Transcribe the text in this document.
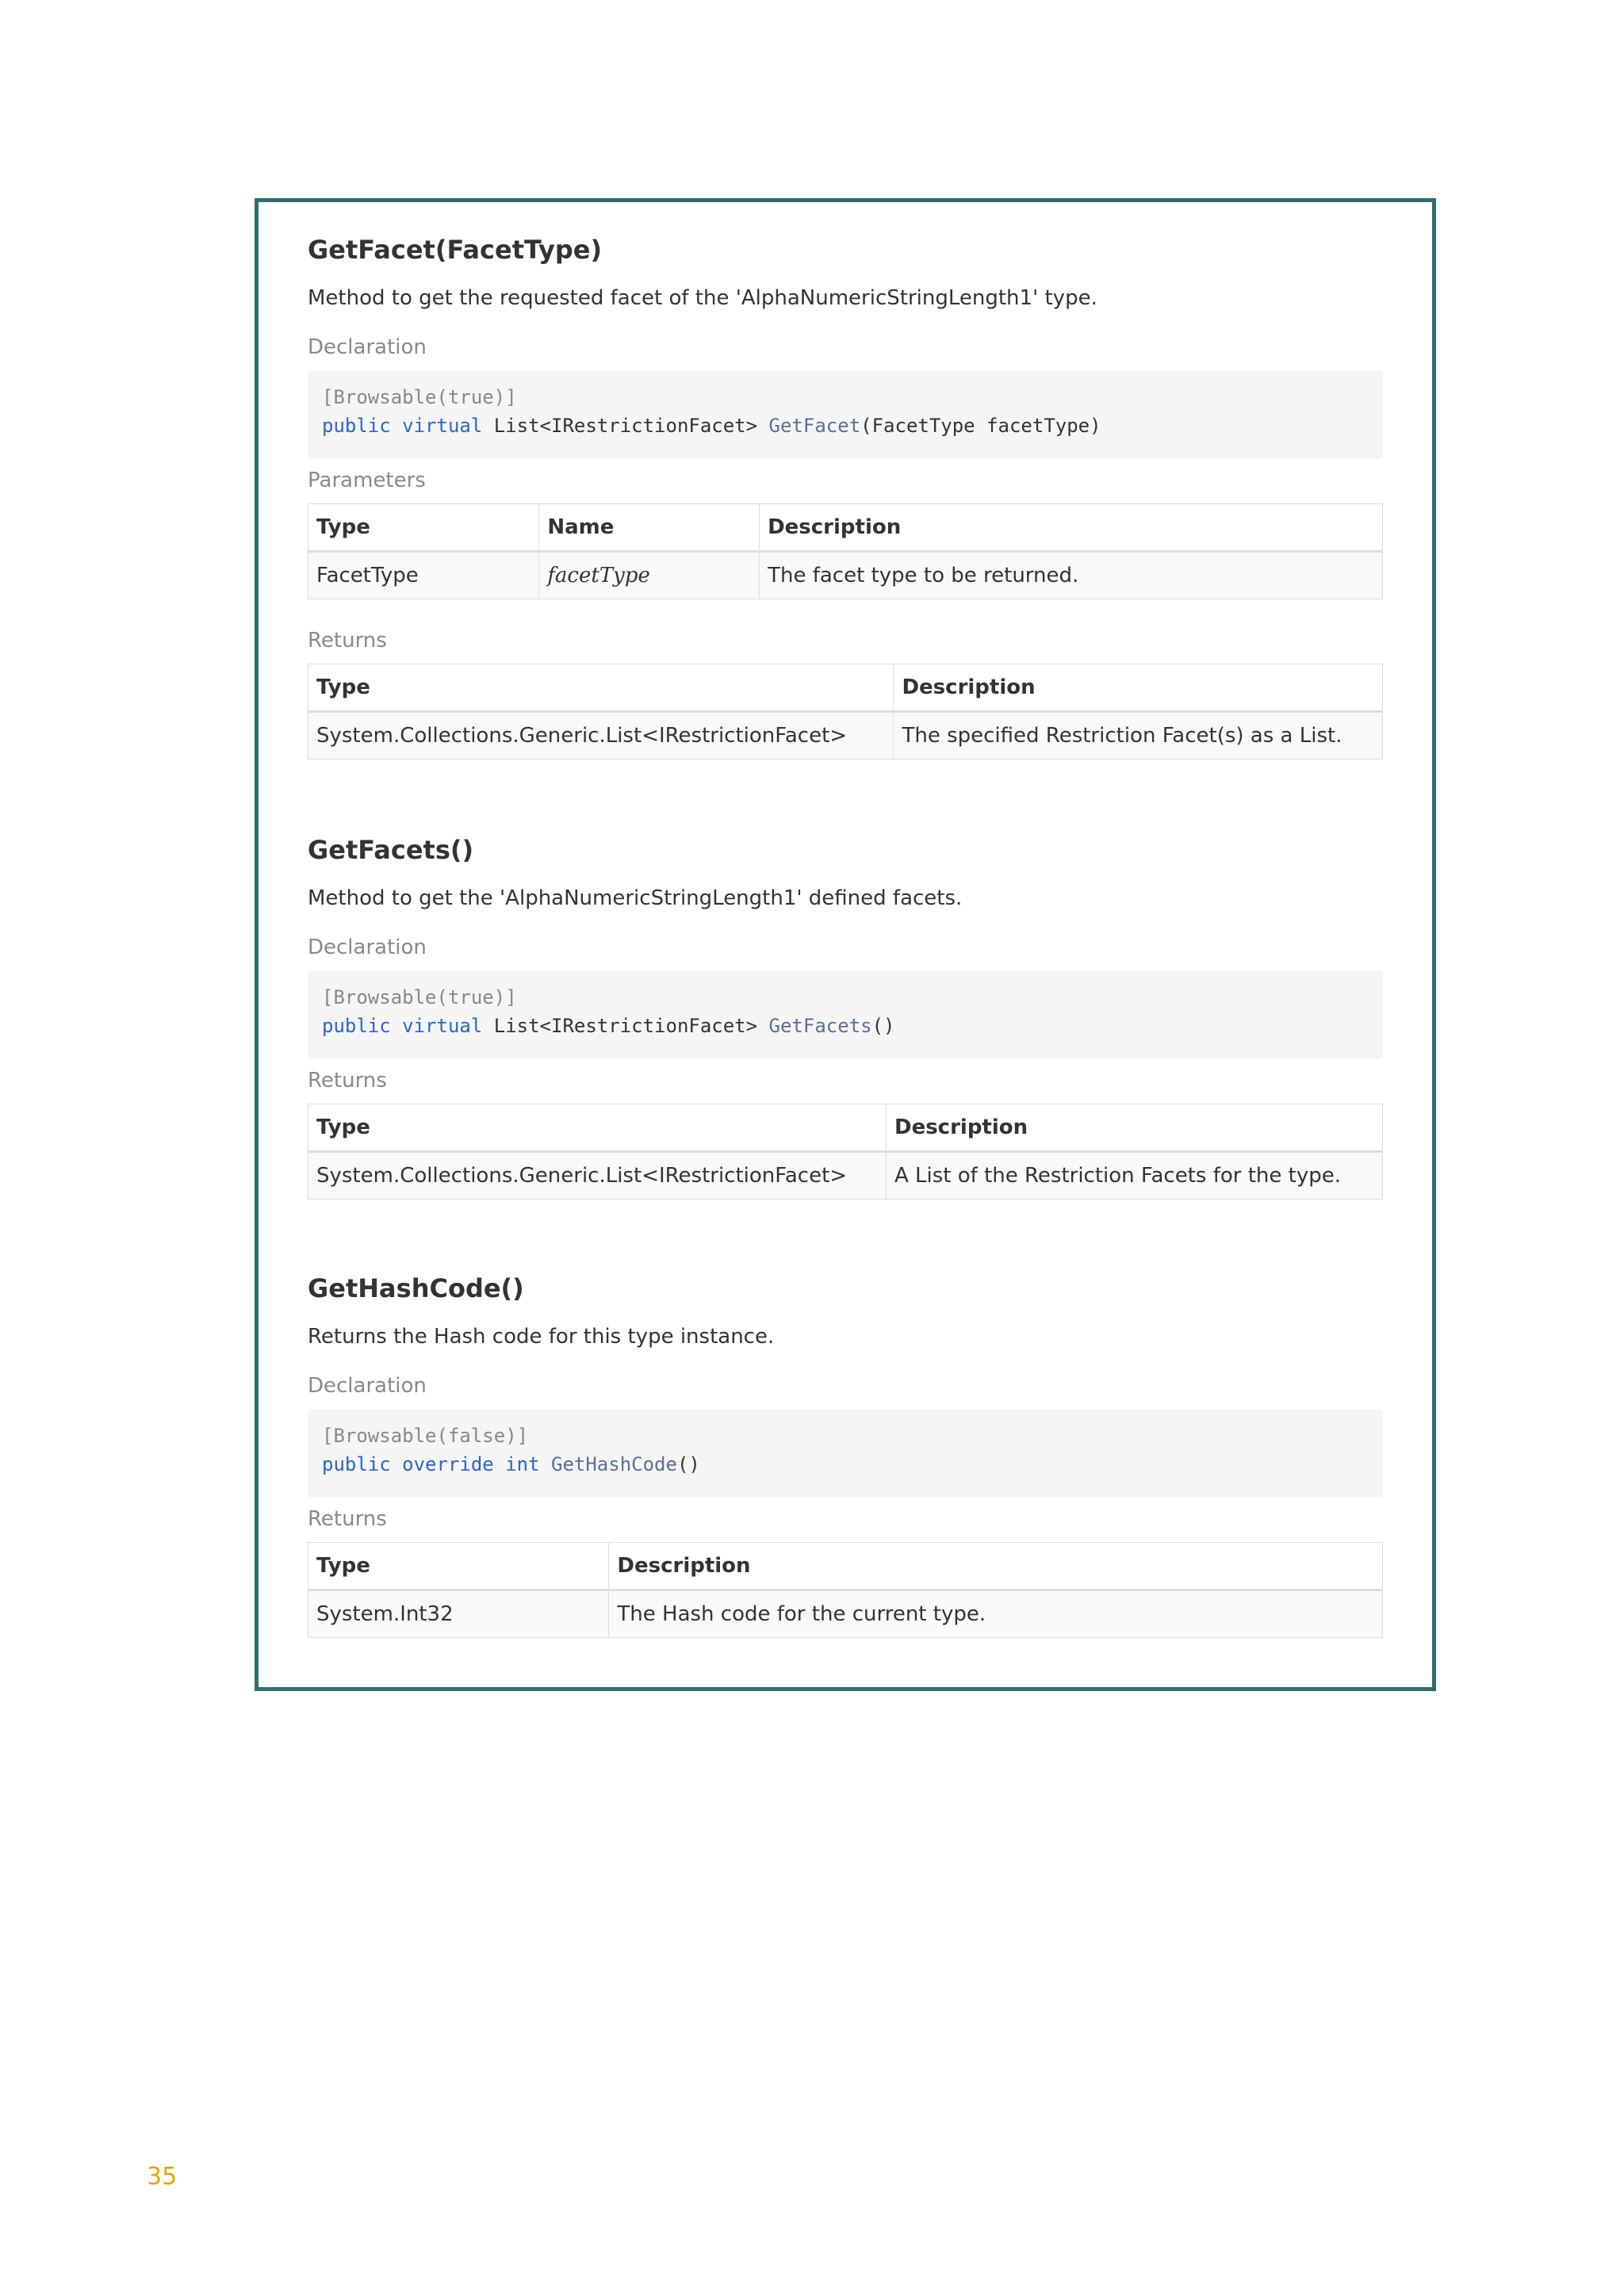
GetFacet(FacetType)
Method to get the requested facet of the 'AlphaNumericStringLength1' type.
Declaration
[Browsable(true)]
public virtual List<IRestrictionFacet> GetFacet(FacetType facetType)
Parameters
Type	Name	Description
FacetType	facetType	The facet type to be returned.
Returns
Type	Description
System.Collections.Generic.List<IRestrictionFacet>	The specified Restriction Facet(s) as a List.
GetFacets()
Method to get the 'AlphaNumericStringLength1' defined facets.
Declaration
[Browsable(true)]
public virtual List<IRestrictionFacet> GetFacets()
Returns
Type	Description
System.Collections.Generic.List<IRestrictionFacet>	A List of the Restriction Facets for the type.
GetHashCode()
Returns the Hash code for this type instance.
Declaration
[Browsable(false)]
public override int GetHashCode()
Returns
Type	Description
System.Int32	The Hash code for the current type.
35
